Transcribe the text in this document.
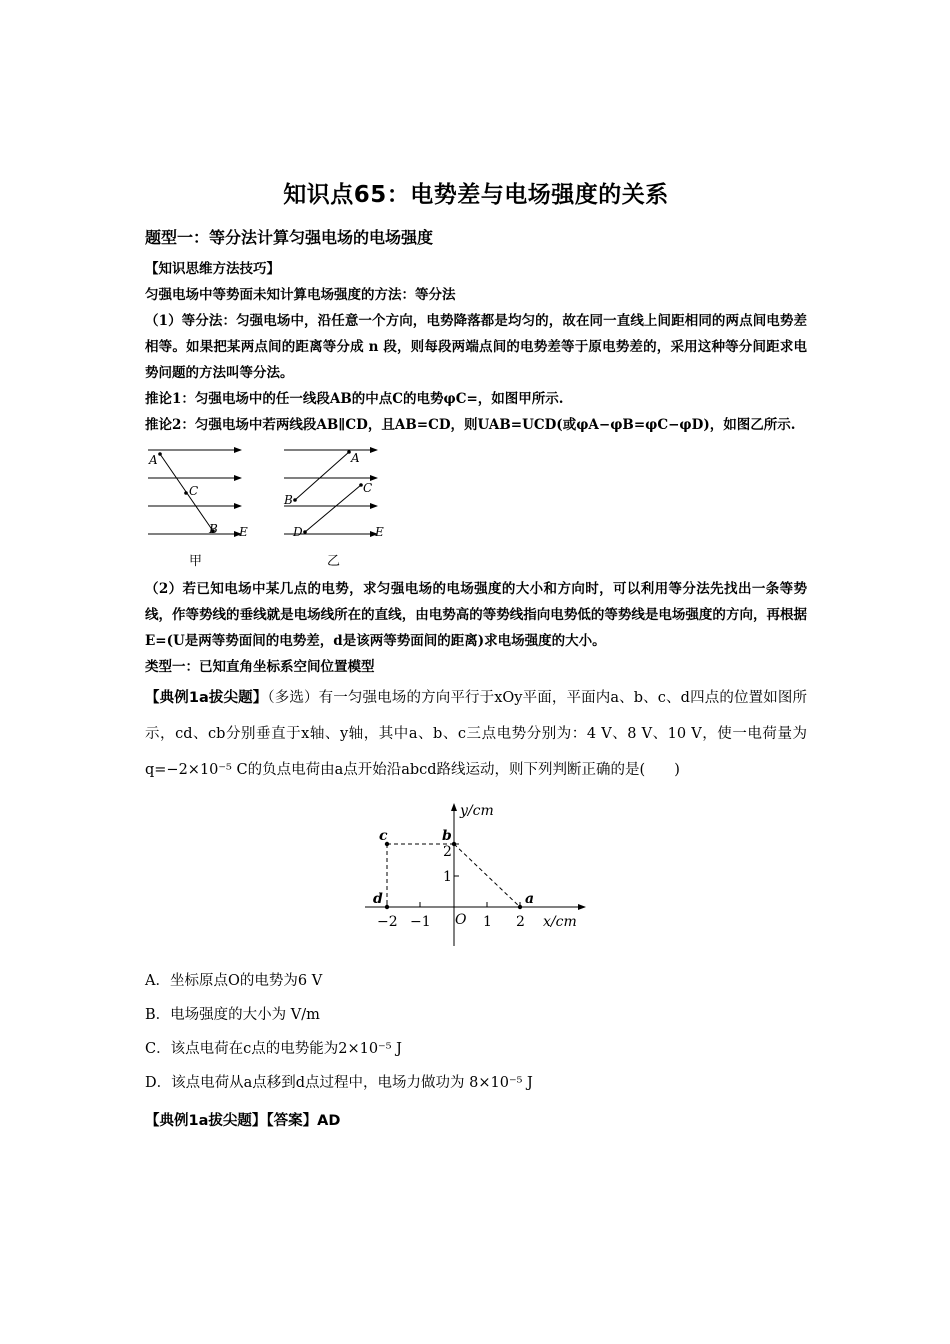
知识点65：电势差与电场强度的关系
题型一：等分法计算匀强电场的电场强度

【知识思维方法技巧】

匀强电场中等势面未知计算电场强度的方法：等分法

（1）等分法：匀强电场中，沿任意一个方向，电势降落都是均匀的，故在同一直线上间距相同的两点间电势差相等。如果把某两点间的距离等分成 n 段，则每段两端点间的电势差等于原电势差的，采用这种等分间距求电势问题的方法叫等分法。

推论1：匀强电场中的任一线段AB的中点C的电势φC=，如图甲所示.

推论2：匀强电场中若两线段AB∥CD，且AB=CD，则UAB=UCD(或φA−φB=φC−φD)，如图乙所示.

A
C
B E
甲
A
B
C
D	E
乙

（2）若已知电场中某几点的电势，求匀强电场的电场强度的大小和方向时，可以利用等分法先找出一条等势线，作等势线的垂线就是电场线所在的直线，由电势高的等势线指向电势低的等势线是电场强度的方向，再根据E=(U是两等势面间的电势差，d是该两等势面间的距离)求电场强度的大小。

类型一：已知直角坐标系空间位置模型

【典例1a拔尖题】（多选）有一匀强电场的方向平行于xOy平面，平面内a、b、c、d四点的位置如图所示，cd、cb分别垂直于x轴、y轴，其中a、b、c三点电势分别为：4 V、8 V、10 V，使一电荷量为q=−2×10⁻⁵ C的负点电荷由a点开始沿abcd路线运动，则下列判断正确的是(　　)

y/cm
x/cm
O
−2 −1	1 2
1
2
b
c
d	a

A．坐标原点O的电势为6 V

B．电场强度的大小为 V/m

C．该点电荷在c点的电势能为2×10⁻⁵ J

D．该点电荷从a点移到d点过程中，电场力做功为 8×10⁻⁵ J

【典例1a拔尖题】【答案】AD
